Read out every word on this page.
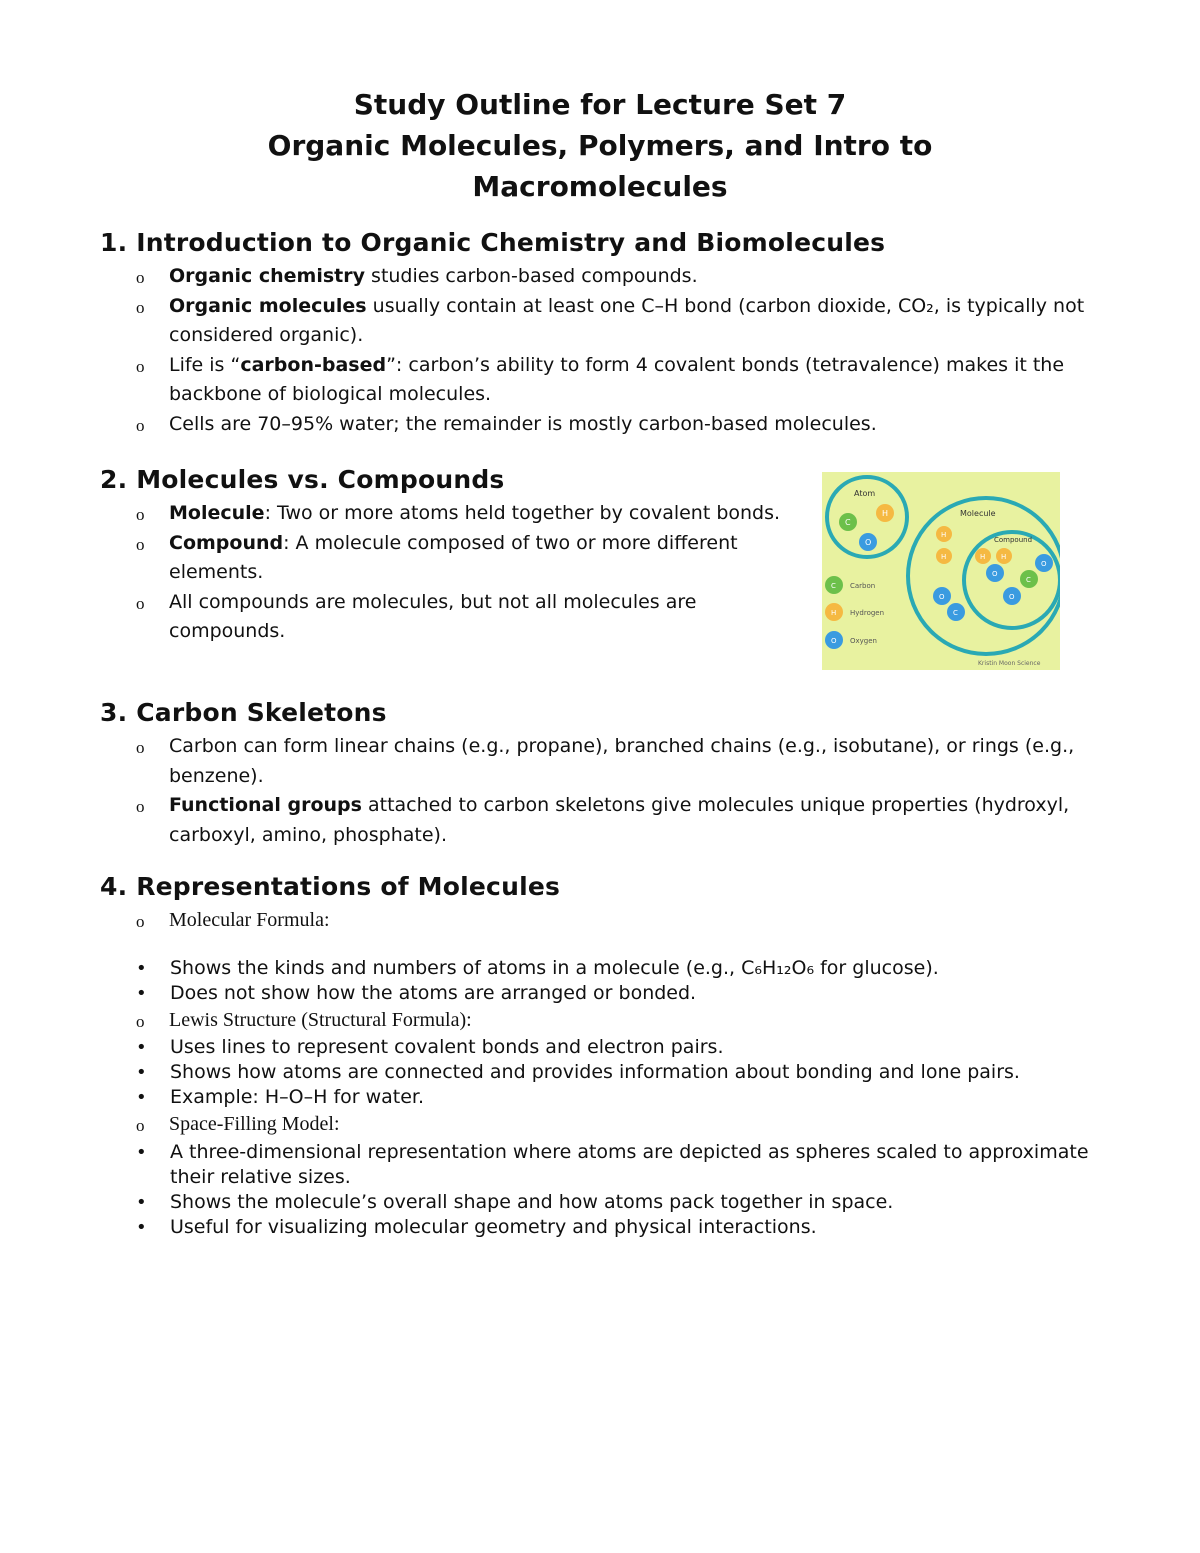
Study Outline for Lecture Set 7
Organic Molecules, Polymers, and Intro to
Macromolecules
1. Introduction to Organic Chemistry and Biomolecules
o Organic chemistry studies carbon-based compounds.
o Organic molecules usually contain at least one C–H bond (carbon dioxide, CO₂, is typically not considered organic).
o Life is “carbon-based”: carbon’s ability to form 4 covalent bonds (tetravalence) makes it the backbone of biological molecules.
o Cells are 70–95% water; the remainder is mostly carbon-based molecules.
2. Molecules vs. Compounds
o Molecule: Two or more atoms held together by covalent bonds.
o Compound: A molecule composed of two or more different elements.
o All compounds are molecules, but not all molecules are compounds.
Atom
C
H
O
Molecule
Compound
H
H
O
C
H H
O
C
O
O
C Carbon
H Hydrogen
O Oxygen
Kristin Moon Science
3. Carbon Skeletons
o Carbon can form linear chains (e.g., propane), branched chains (e.g., isobutane), or rings (e.g., benzene).
o Functional groups attached to carbon skeletons give molecules unique properties (hydroxyl, carboxyl, amino, phosphate).
4. Representations of Molecules
o Molecular Formula:
• Shows the kinds and numbers of atoms in a molecule (e.g., C₆H₁₂O₆ for glucose).
• Does not show how the atoms are arranged or bonded.
o Lewis Structure (Structural Formula):
• Uses lines to represent covalent bonds and electron pairs.
• Shows how atoms are connected and provides information about bonding and lone pairs.
• Example: H–O–H for water.
o Space-Filling Model:
• A three-dimensional representation where atoms are depicted as spheres scaled to approximate their relative sizes.
• Shows the molecule’s overall shape and how atoms pack together in space.
• Useful for visualizing molecular geometry and physical interactions.
